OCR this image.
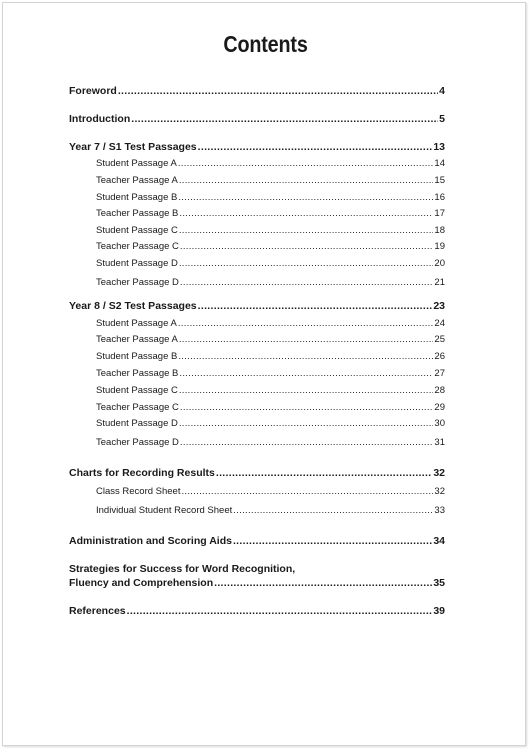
Contents
Foreword .....	4
Introduction .....	5
Year 7 / S1 Test Passages .....	13
Student Passage A .....	14
Teacher Passage A .....	15
Student Passage B .....	16
Teacher Passage B .....	17
Student Passage C .....	18
Teacher Passage C .....	19
Student Passage D .....	20
Teacher Passage D .....	21
Year 8 / S2 Test Passages .....	23
Student Passage A .....	24
Teacher Passage A .....	25
Student Passage B .....	26
Teacher Passage B .....	27
Student Passage C .....	28
Teacher Passage C .....	29
Student Passage D .....	30
Teacher Passage D .....	31
Charts for Recording Results .....	32
Class Record Sheet .....	32
Individual Student Record Sheet .....	33
Administration and Scoring Aids .....	34
Strategies for Success for Word Recognition,
Fluency and Comprehension .....	35
References .....	39
